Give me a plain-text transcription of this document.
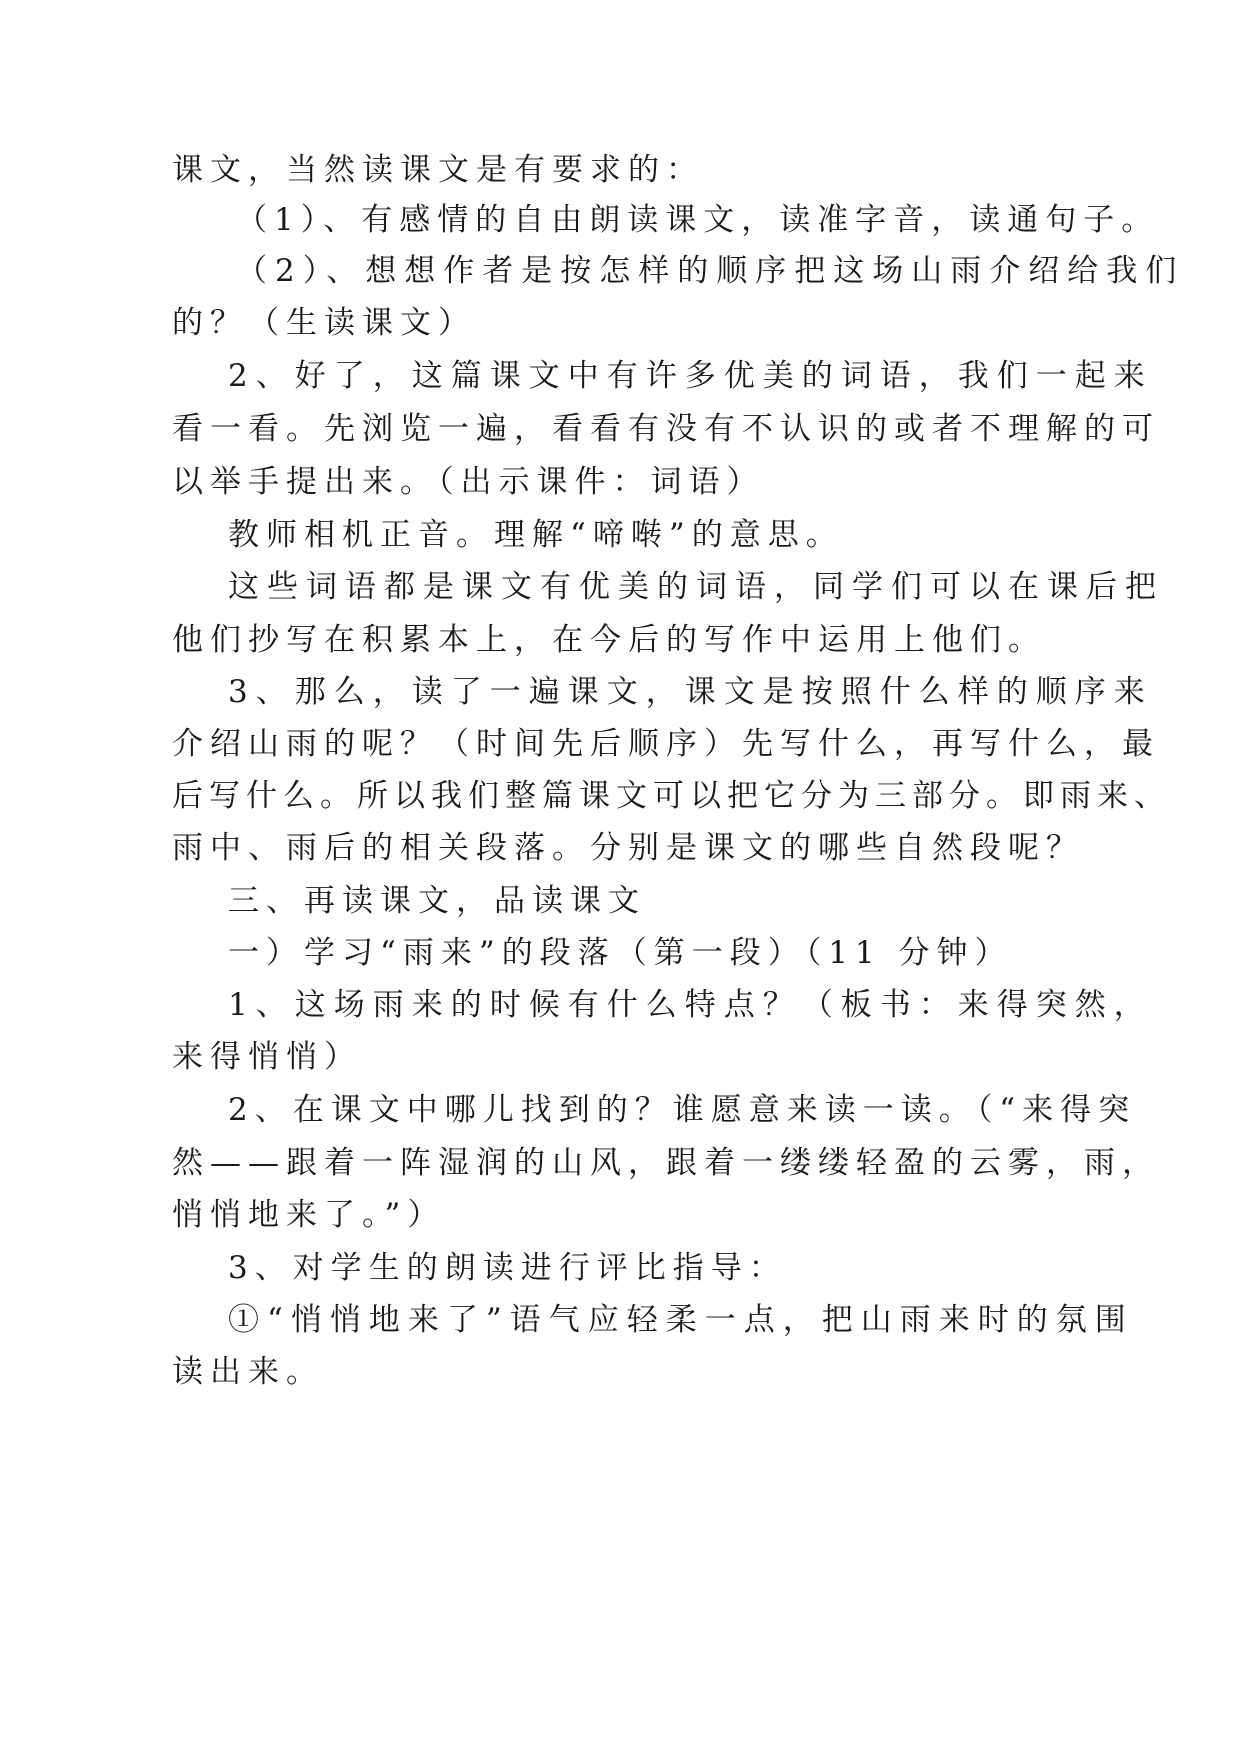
课文，当然读课文是有要求的：
（1）、有感情的自由朗读课文，读准字音，读通句子。
（2）、想想作者是按怎样的顺序把这场山雨介绍给我们
的？（生读课文）
2、好了，这篇课文中有许多优美的词语，我们一起来
看一看。先浏览一遍，看看有没有不认识的或者不理解的可
以举手提出来。（出示课件：词语）
教师相机正音。理解“啼啭”的意思。
这些词语都是课文有优美的词语，同学们可以在课后把
他们抄写在积累本上，在今后的写作中运用上他们。
3、那么，读了一遍课文，课文是按照什么样的顺序来
介绍山雨的呢？（时间先后顺序）先写什么，再写什么，最
后写什么。所以我们整篇课文可以把它分为三部分。即雨来、
雨中、雨后的相关段落。分别是课文的哪些自然段呢？
三、再读课文，品读课文
一）学习“雨来”的段落（第一段）（11 分钟）
1、这场雨来的时候有什么特点？（板书：来得突然，
来得悄悄）
2、在课文中哪儿找到的？谁愿意来读一读。（“来得突
然——跟着一阵湿润的山风，跟着一缕缕轻盈的云雾，雨，
悄悄地来了。”）
3、对学生的朗读进行评比指导：
①“悄悄地来了”语气应轻柔一点，把山雨来时的氛围
读出来。
